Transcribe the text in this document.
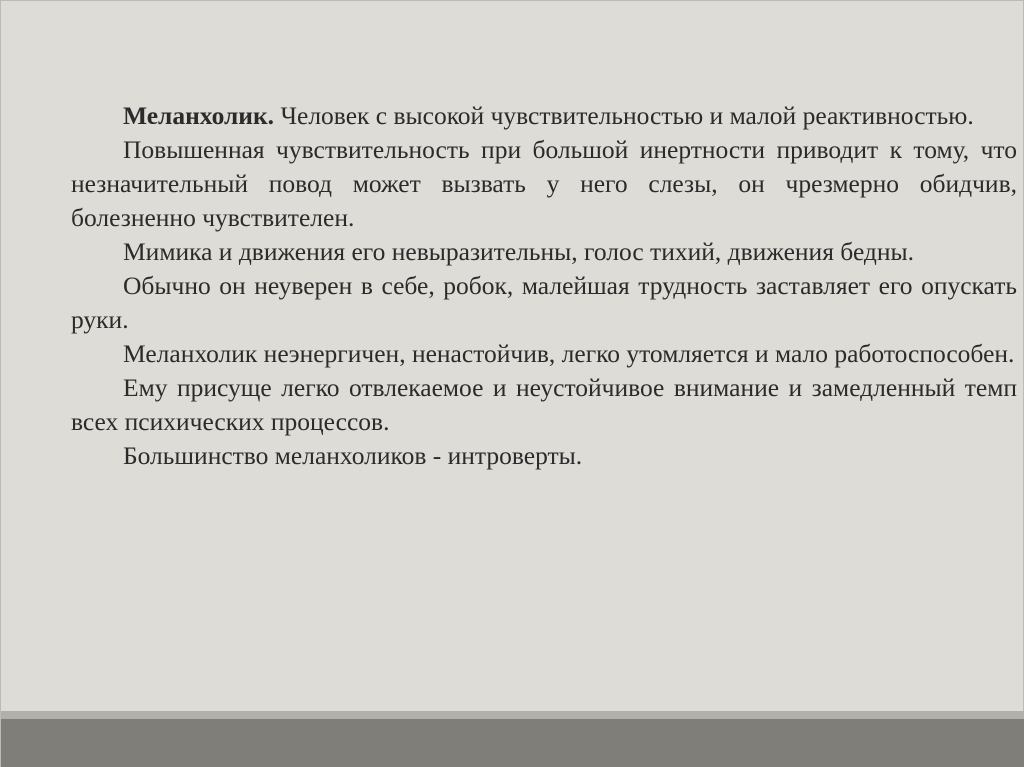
Меланхолик. Человек с высокой чувствительностью и малой реактивностью.

Повышенная чувствительность при большой инертности приводит к тому, что незначительный повод может вызвать у него слезы, он чрезмерно обидчив, болезненно чувствителен.

Мимика и движения его невыразительны, голос тихий, движения бедны.

Обычно он неуверен в себе, робок, малейшая трудность заставляет его опускать руки.

Меланхолик неэнергичен, ненастойчив, легко утомляется и мало работоспособен.

Ему присуще легко отвлекаемое и неустойчивое внимание и замедленный темп всех психических процессов.

Большинство меланхоликов - интроверты.
